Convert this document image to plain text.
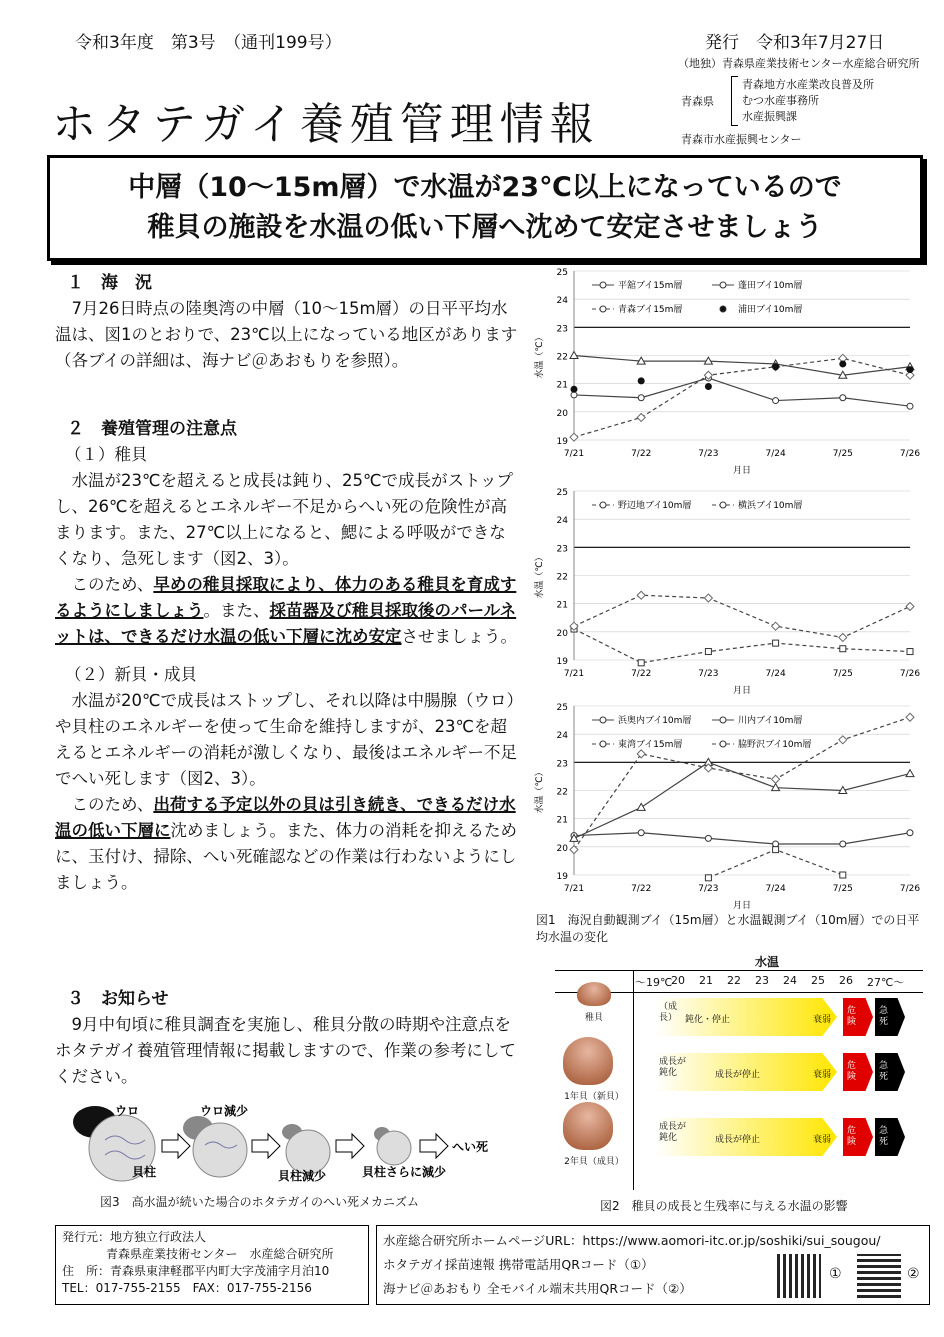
令和3年度　第3号　（通刊199号）	発行　令和3年7月27日
ホタテガイ養殖管理情報
（地独）青森県産業技術センター水産総合研究所
青森県
青森地方水産業改良普及所
むつ水産事務所
水産振興課
青森市水産振興センター
中層（10～15m層）で水温が23℃以上になっているので
稚貝の施設を水温の低い下層へ沈めて安定させましょう
１　海　況
7月26日時点の陸奥湾の中層（10～15m層）の日平平均水温は、図1のとおりで、23℃以上になっている地区があります（各ブイの詳細は、海ナビ＠あおもりを参照）。
２　養殖管理の注意点
（１）稚貝
水温が23℃を超えると成長は鈍り、25℃で成長がストップし、26℃を超えるとエネルギー不足からへい死の危険性が高まります。また、27℃以上になると、鰓による呼吸ができなくなり、急死します（図2、3）。
このため、早めの稚貝採取により、体力のある稚貝を育成するようにしましょう。また、採苗器及び稚貝採取後のパールネットは、できるだけ水温の低い下層に沈め安定させましょう。
（２）新貝・成貝
水温が20℃で成長はストップし、それ以降は中腸腺（ウロ）や貝柱のエネルギーを使って生命を維持しますが、23℃を超えるとエネルギーの消耗が激しくなり、最後はエネルギー不足でへい死します（図2、3）。
このため、出荷する予定以外の貝は引き続き、できるだけ水温の低い下層に沈めましょう。また、体力の消耗を抑えるために、玉付け、掃除、へい死確認などの作業は行わないようにしましょう。
３　お知らせ
9月中旬頃に稚貝調査を実施し、稚貝分散の時期や注意点をホタテガイ養殖管理情報に掲載しますので、作業の参考にしてください。
ウロ	ウロ減少
貝柱	貝柱減少	貝柱さらに減少
へい死
図3　高水温が続いた場合のホタテガイのへい死メカニズム
19
20
21
22
23
24
25
7/21	7/22	7/23	7/24	7/25	7/26
月日
水温（℃）
平舘ブイ15m層	蓬田ブイ10m層
青森ブイ15m層	浦田ブイ10m層
19
20
21
22
23
24
25
7/21	7/22	7/23	7/24	7/25	7/26
月日
水温（℃）
野辺地ブイ10m層	横浜ブイ10m層
19
20
21
22
23
24
25
7/21	7/22	7/23	7/24	7/25	7/26
月日
水温（℃）
浜奥内ブイ10m層	川内ブイ10m層
東湾ブイ15m層	脇野沢ブイ10m層
図1　海況自動観測ブイ（15m層）と水温観測ブイ（10m層）での日平均水温の変化
水温
～19℃
20 21 22 23 24 25 26 27℃～
稚貝
（成長） 鈍化・停止	衰弱
危険
急死
1年貝（新貝）
成長が鈍化	成長が停止	衰弱
危険
急死
2年貝（成貝）
成長が鈍化	成長が停止	衰弱
危険
急死
図2　稚貝の成長と生残率に与える水温の影響
発行元：地方独立行政法人
青森県産業技術センター　水産総合研究所
住　所：青森県東津軽郡平内町大字茂浦字月泊10
TEL：017-755-2155　FAX：017-755-2156
水産総合研究所ホームページURL：https://www.aomori-itc.or.jp/soshiki/sui_sougou/
ホタテガイ採苗速報 携帯電話用QRコード（①）
海ナビ＠あおもり 全モバイル端末共用QRコード（②）
①	②
